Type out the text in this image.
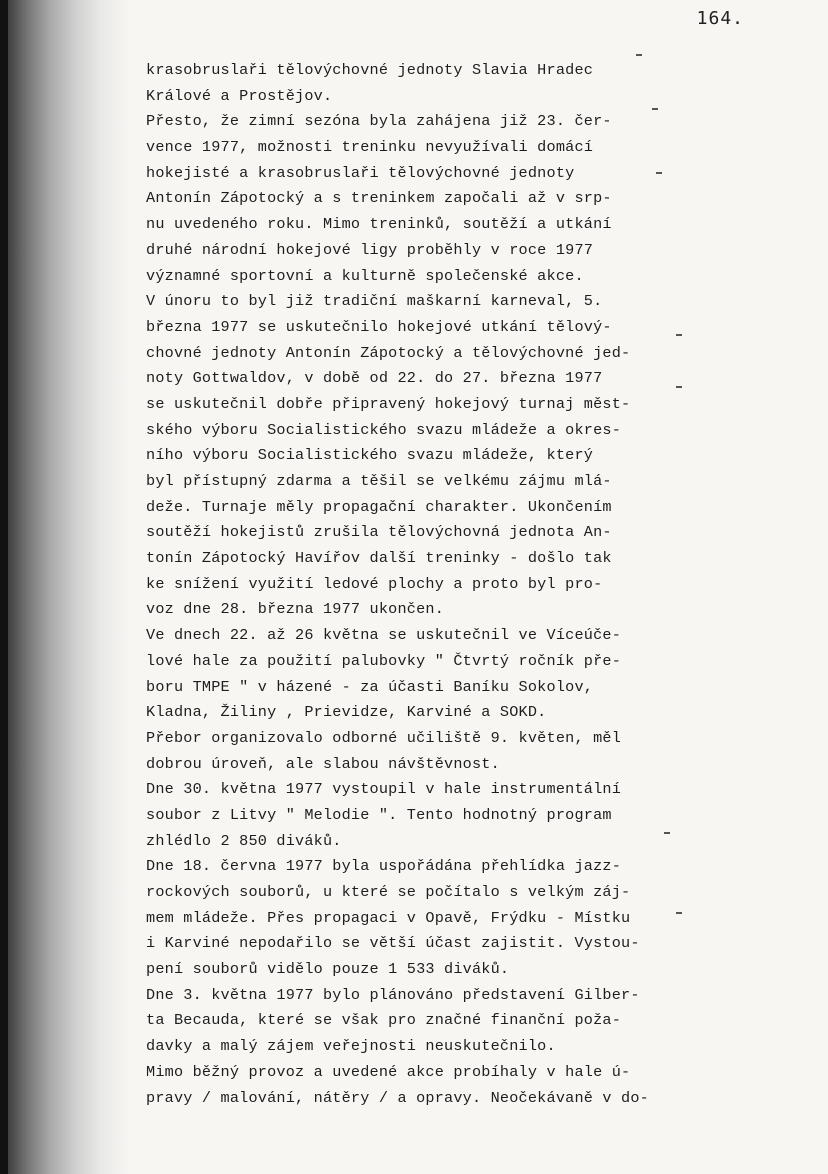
164.
krasobruslaři tělovýchovné jednoty Slavia Hradec
Králové a Prostějov.
Přesto, že zimní sezóna byla zahájena již 23. čer-
vence 1977, možnosti treninku nevyužívali domácí
hokejisté a krasobruslaři tělovýchovné jednoty
Antonín Zápotocký a s treninkem započali až v srp-
nu uvedeného roku. Mimo treninků, soutěží a utkání
druhé národní hokejové ligy proběhly v roce 1977
významné sportovní a kulturně společenské akce.
V únoru to byl již tradiční maškarní karneval, 5.
března 1977 se uskutečnilo hokejové utkání tělový-
chovné jednoty Antonín Zápotocký a tělovýchovné jed-
noty Gottwaldov, v době od 22. do 27. března 1977
se uskutečnil dobře připravený hokejový turnaj měst-
ského výboru Socialistického svazu mládeže a okres-
ního výboru Socialistického svazu mládeže, který
byl přístupný zdarma a těšil se velkému zájmu mlá-
deže. Turnaje měly propagační charakter. Ukončením
soutěží hokejistů zrušila tělovýchovná jednota An-
tonín Zápotocký Havířov další treninky - došlo tak
ke snížení využití ledové plochy a proto byl pro-
voz dne 28. března 1977 ukončen.
Ve dnech 22. až 26 května se uskutečnil ve Víceúče-
lové hale za použití palubovky " Čtvrtý ročník pře-
boru TMPE " v házené - za účasti Baníku Sokolov,
Kladna, Žiliny , Prievidze, Karviné a SOKD.
Přebor organizovalo odborné učiliště 9. květen, měl
dobrou úroveň, ale slabou návštěvnost.
Dne 30. května 1977 vystoupil v hale instrumentální
soubor z Litvy " Melodie ". Tento hodnotný program
zhlédlo 2 850 diváků.
Dne 18. června 1977 byla uspořádána přehlídka jazz-
rockových souborů, u které se počítalo s velkým záj-
mem mládeže. Přes propagaci v Opavě, Frýdku - Místku
i Karviné nepodařilo se větší účast zajistit. Vystou-
pení souborů vidělo pouze 1 533 diváků.
Dne 3. května 1977 bylo plánováno představení Gilber-
ta Becauda, které se však pro značné finanční poža-
davky a malý zájem veřejnosti neuskutečnilo.
Mimo běžný provoz a uvedené akce probíhaly v hale ú-
pravy / malování, nátěry / a opravy. Neočekávaně v do-
